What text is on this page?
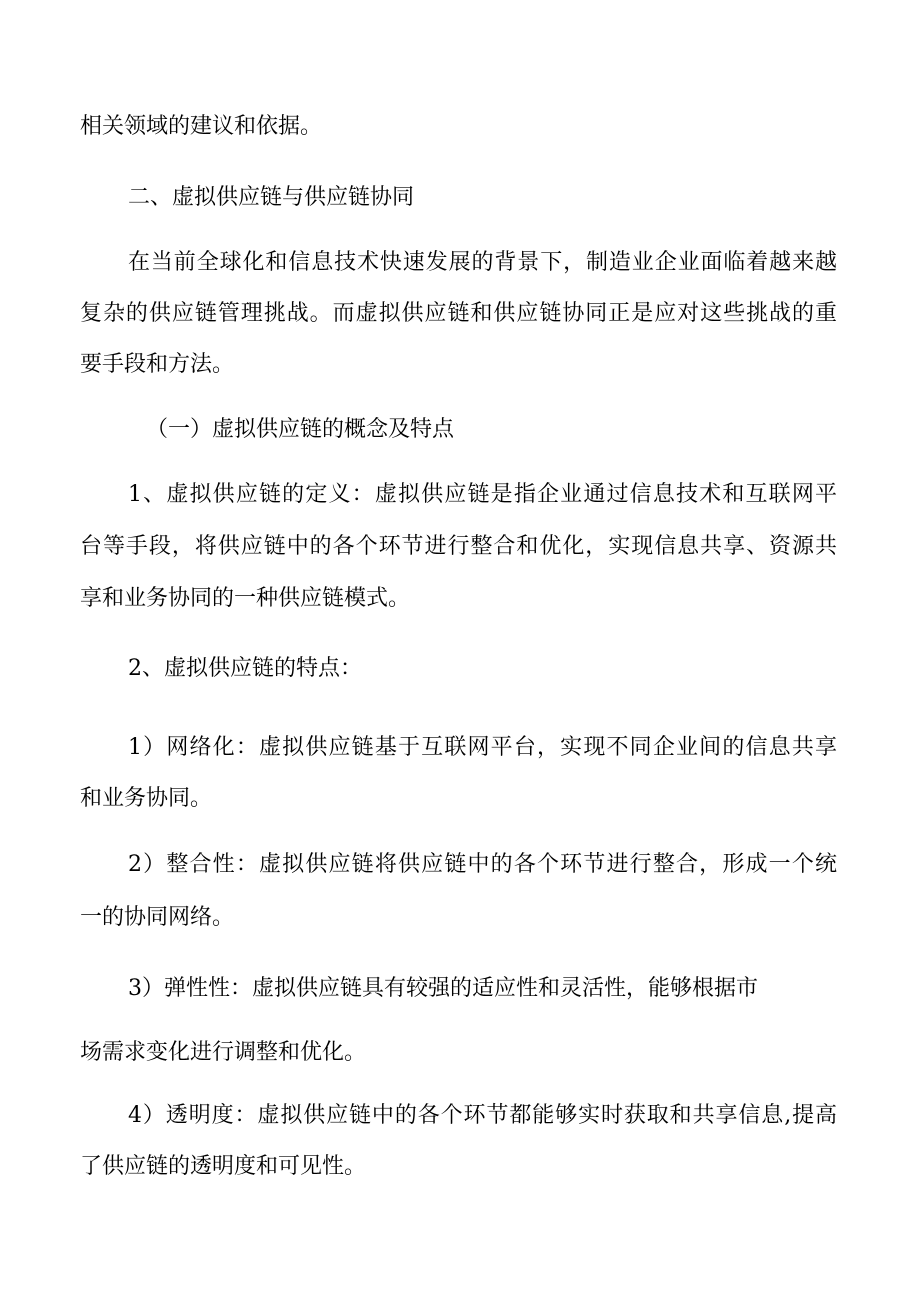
相关领域的建议和依据。

二、虚拟供应链与供应链协同

在当前全球化和信息技术快速发展的背景下，制造业企业面临着越来越

复杂的供应链管理挑战。而虚拟供应链和供应链协同正是应对这些挑战的重

要手段和方法。

（一）虚拟供应链的概念及特点

1、虚拟供应链的定义：虚拟供应链是指企业通过信息技术和互联网平

台等手段，将供应链中的各个环节进行整合和优化，实现信息共享、资源共

享和业务协同的一种供应链模式。

2、虚拟供应链的特点：

1）网络化：虚拟供应链基于互联网平台，实现不同企业间的信息共享

和业务协同。

2）整合性：虚拟供应链将供应链中的各个环节进行整合，形成一个统

一的协同网络。

3）弹性性：虚拟供应链具有较强的适应性和灵活性，能够根据市

场需求变化进行调整和优化。

4）透明度：虚拟供应链中的各个环节都能够实时获取和共享信息,提高

了供应链的透明度和可见性。
